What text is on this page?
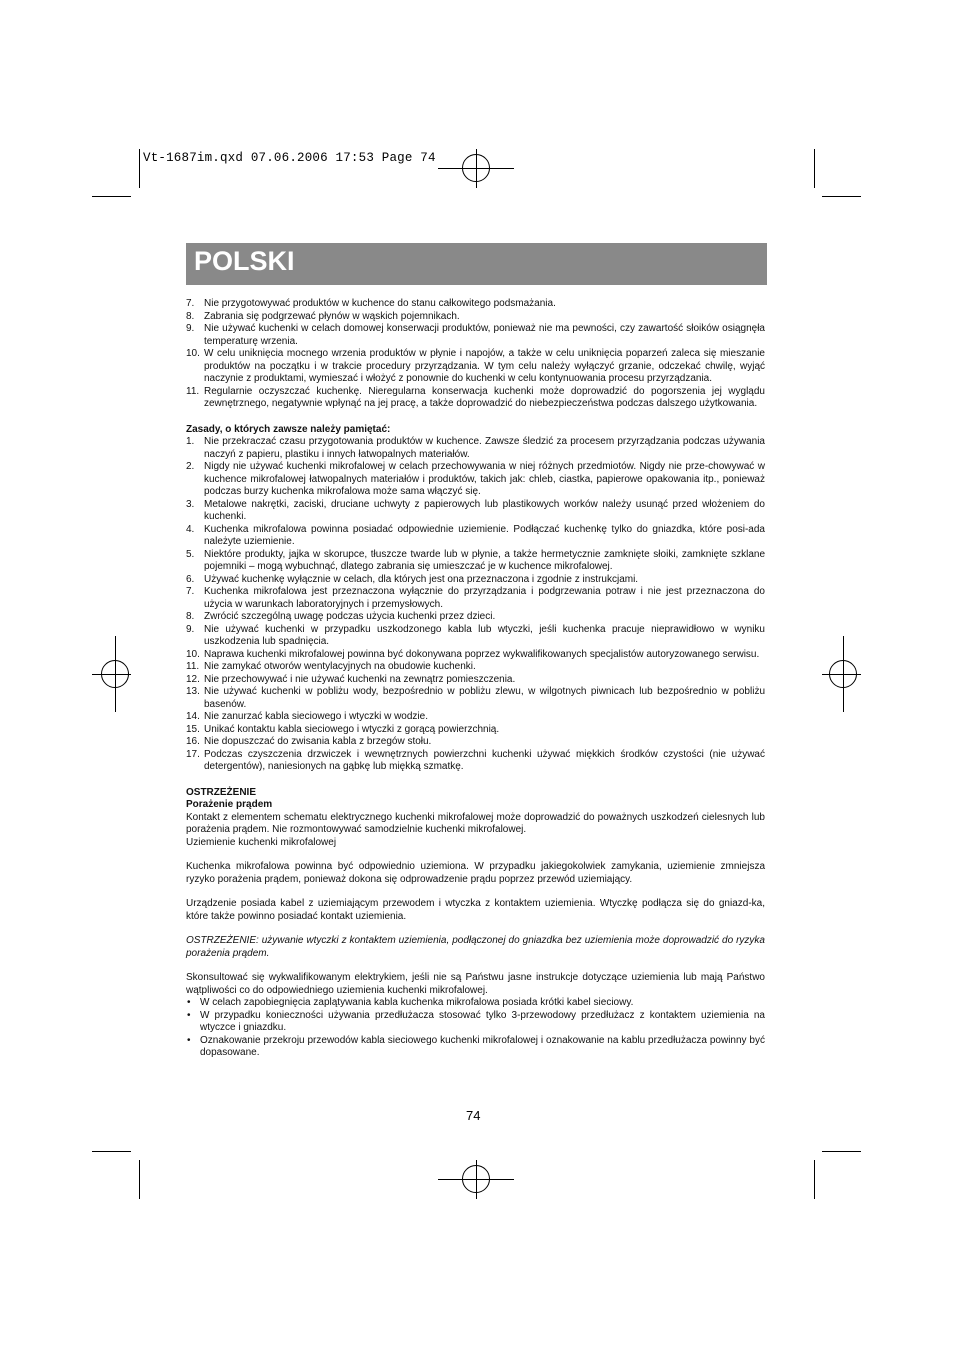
Vt-1687im.qxd 07.06.2006 17:53 Page 74
POLSKI
7. Nie przygotowywać produktów w kuchence do stanu całkowitego podsmażania.
8. Zabrania się podgrzewać płynów w wąskich pojemnikach.
9. Nie używać kuchenki w celach domowej konserwacji produktów, ponieważ nie ma pewności, czy zawartość słoików osiągnęła temperaturę wrzenia.
10. W celu uniknięcia mocnego wrzenia produktów w płynie i napojów, a także w celu uniknięcia poparzeń zaleca się mieszanie produktów na początku i w trakcie procedury przyrządzania. W tym celu należy wyłączyć grzanie, odczekać chwilę, wyjąć naczynie z produktami, wymieszać i włożyć z ponownie do kuchenki w celu kontynuowania procesu przyrządzania.
11. Regularnie oczyszczać kuchenkę. Nieregularna konserwacja kuchenki może doprowadzić do pogorszenia jej wyglądu zewnętrznego, negatywnie wpłynąć na jej pracę, a także doprowadzić do niebezpieczeństwa podczas dalszego użytkowania.
Zasady, o których zawsze należy pamiętać:
1. Nie przekraczać czasu przygotowania produktów w kuchence. Zawsze śledzić za procesem przyrządzania podczas używania naczyń z papieru, plastiku i innych łatwopalnych materiałów.
2. Nigdy nie używać kuchenki mikrofalowej w celach przechowywania w niej różnych przedmiotów. Nigdy nie prze-chowywać w kuchence mikrofalowej łatwopalnych materiałów i produktów, takich jak: chleb, ciastka, papierowe opakowania itp., ponieważ podczas burzy kuchenka mikrofalowa może sama włączyć się.
3. Metalowe nakrętki, zaciski, druciane uchwyty z papierowych lub plastikowych worków należy usunąć przed włożeniem do kuchenki.
4. Kuchenka mikrofalowa powinna posiadać odpowiednie uziemienie. Podłączać kuchenkę tylko do gniazdka, które posi-ada należyte uziemienie.
5. Niektóre produkty, jajka w skorupce, tłuszcze twarde lub w płynie, a także hermetycznie zamknięte słoiki, zamknięte szklane pojemniki – mogą wybuchnąć, dlatego zabrania się umieszczać je w kuchence mikrofalowej.
6. Używać kuchenkę wyłącznie w celach, dla których jest ona przeznaczona i zgodnie z instrukcjami.
7. Kuchenka mikrofalowa jest przeznaczona wyłącznie do przyrządzania i podgrzewania potraw i nie jest przeznaczona do użycia w warunkach laboratoryjnych i przemysłowych.
8. Zwrócić szczególną uwagę podczas użycia kuchenki przez dzieci.
9. Nie używać kuchenki w przypadku uszkodzonego kabla lub wtyczki, jeśli kuchenka pracuje nieprawidłowo w wyniku uszkodzenia lub spadnięcia.
10. Naprawa kuchenki mikrofalowej powinna być dokonywana poprzez wykwalifikowanych specjalistów autoryzowanego serwisu.
11. Nie zamykać otworów wentylacyjnych na obudowie kuchenki.
12. Nie przechowywać i nie używać kuchenki na zewnątrz pomieszczenia.
13. Nie używać kuchenki w pobliżu wody, bezpośrednio w pobliżu zlewu, w wilgotnych piwnicach lub bezpośrednio w pobliżu basenów.
14. Nie zanurzać kabla sieciowego i wtyczki w wodzie.
15. Unikać kontaktu kabla sieciowego i wtyczki z gorącą powierzchnią.
16. Nie dopuszczać do zwisania kabla z brzegów stołu.
17. Podczas czyszczenia drzwiczek i wewnętrznych powierzchni kuchenki używać miękkich środków czystości (nie używać detergentów), naniesionych na gąbkę lub miękką szmatkę.
OSTRZEŻENIE
Porażenie prądem
Kontakt z elementem schematu elektrycznego kuchenki mikrofalowej może doprowadzić do poważnych uszkodzeń cielesnych lub porażenia prądem. Nie rozmontowywać samodzielnie kuchenki mikrofalowej.
Uziemienie kuchenki mikrofalowej
Kuchenka mikrofalowa powinna być odpowiednio uziemiona. W przypadku jakiegokolwiek zamykania, uziemienie zmniejsza ryzyko porażenia prądem, ponieważ dokona się odprowadzenie prądu poprzez przewód uziemiający.
Urządzenie posiada kabel z uziemiającym przewodem i wtyczka z kontaktem uziemienia. Wtyczkę podłącza się do gniazd-ka, które także powinno posiadać kontakt uziemienia.
OSTRZEŻENIE: używanie wtyczki z kontaktem uziemienia, podłączonej do gniazdka bez uziemienia może doprowadzić do ryzyka porażenia prądem.
Skonsultować się wykwalifikowanym elektrykiem, jeśli nie są Państwu jasne instrukcje dotyczące uziemienia lub mają Państwo wątpliwości co do odpowiedniego uziemienia kuchenki mikrofalowej.
• W celach zapobiegnięcia zaplątywania kabla kuchenka mikrofalowa posiada krótki kabel sieciowy.
• W przypadku konieczności używania przedłużacza stosować tylko 3-przewodowy przedłużacz z kontaktem uziemienia na wtyczce i gniazdku.
• Oznakowanie przekroju przewodów kabla sieciowego kuchenki mikrofalowej i oznakowanie na kablu przedłużacza powinny być dopasowane.
74
